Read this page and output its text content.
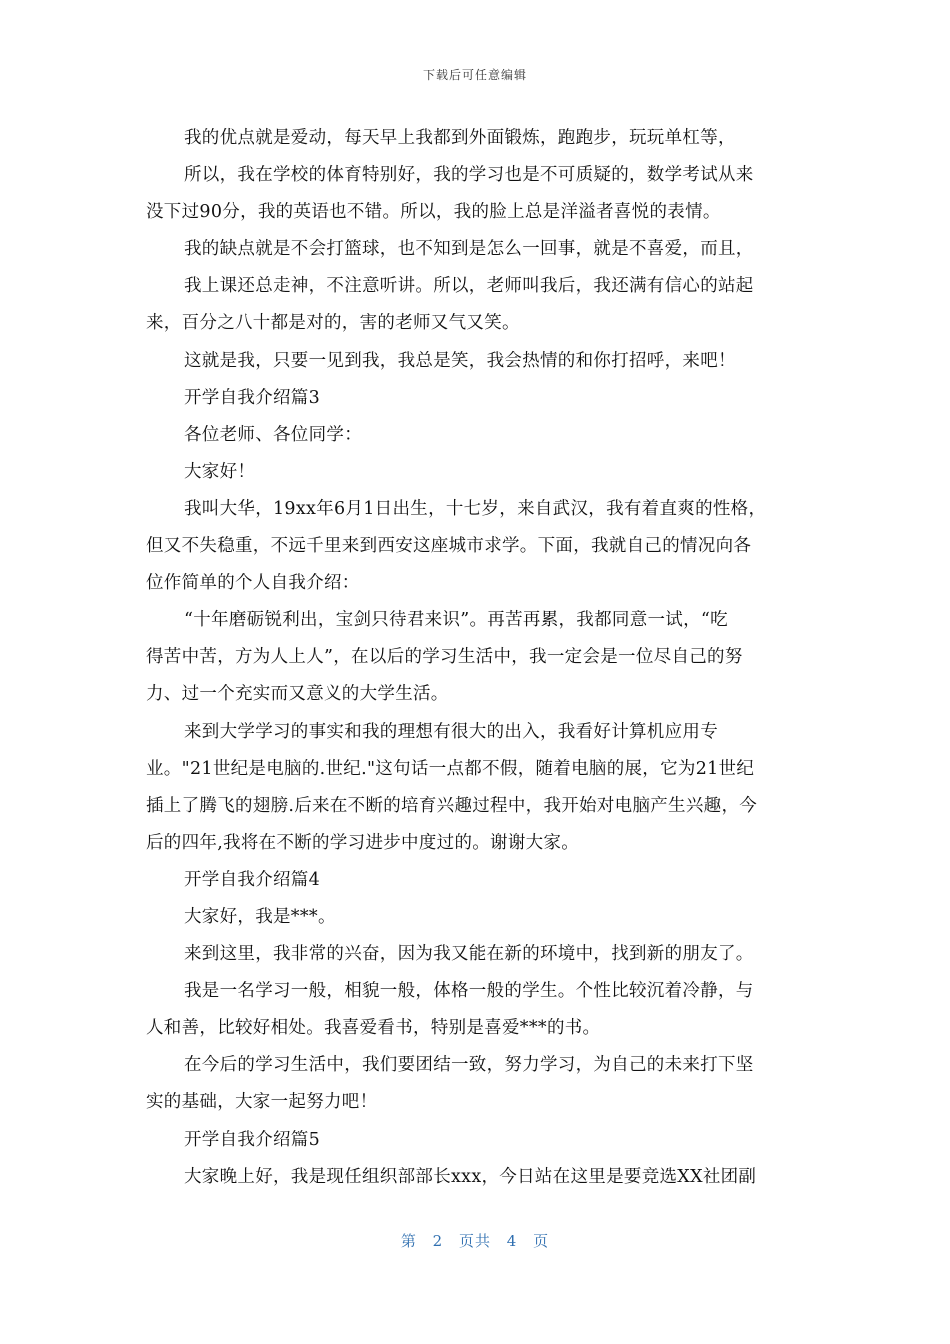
下载后可任意编辑
我的优点就是爱动，每天早上我都到外面锻炼，跑跑步，玩玩单杠等，
所以，我在学校的体育特别好，我的学习也是不可质疑的，数学考试从来
没下过90分，我的英语也不错。所以，我的脸上总是洋溢者喜悦的表情。
我的缺点就是不会打篮球，也不知到是怎么一回事，就是不喜爱，而且，
我上课还总走神，不注意听讲。所以，老师叫我后，我还满有信心的站起
来，百分之八十都是对的，害的老师又气又笑。
这就是我，只要一见到我，我总是笑，我会热情的和你打招呼，来吧！
开学自我介绍篇3
各位老师、各位同学：
大家好！
我叫大华，19xx年6月1日出生，十七岁，来自武汉，我有着直爽的性格，
但又不失稳重，不远千里来到西安这座城市求学。下面，我就自己的情况向各
位作简单的个人自我介绍：
“十年磨砺锐利出，宝剑只待君来识”。再苦再累，我都同意一试，“吃
得苦中苦，方为人上人”，在以后的学习生活中，我一定会是一位尽自己的努
力、过一个充实而又意义的大学生活。
来到大学学习的事实和我的理想有很大的出入，我看好计算机应用专
业。"21世纪是电脑的.世纪."这句话一点都不假，随着电脑的展，它为21世纪
插上了腾飞的翅膀.后来在不断的培育兴趣过程中，我开始对电脑产生兴趣，今
后的四年,我将在不断的学习进步中度过的。谢谢大家。
开学自我介绍篇4
大家好，我是***。
来到这里，我非常的兴奋，因为我又能在新的环境中，找到新的朋友了。
我是一名学习一般，相貌一般，体格一般的学生。个性比较沉着冷静，与
人和善，比较好相处。我喜爱看书，特别是喜爱***的书。
在今后的学习生活中，我们要团结一致，努力学习，为自己的未来打下坚
实的基础，大家一起努力吧！
开学自我介绍篇5
大家晚上好，我是现任组织部部长xxx，今日站在这里是要竞选XX社团副
第 2 页共 4 页
